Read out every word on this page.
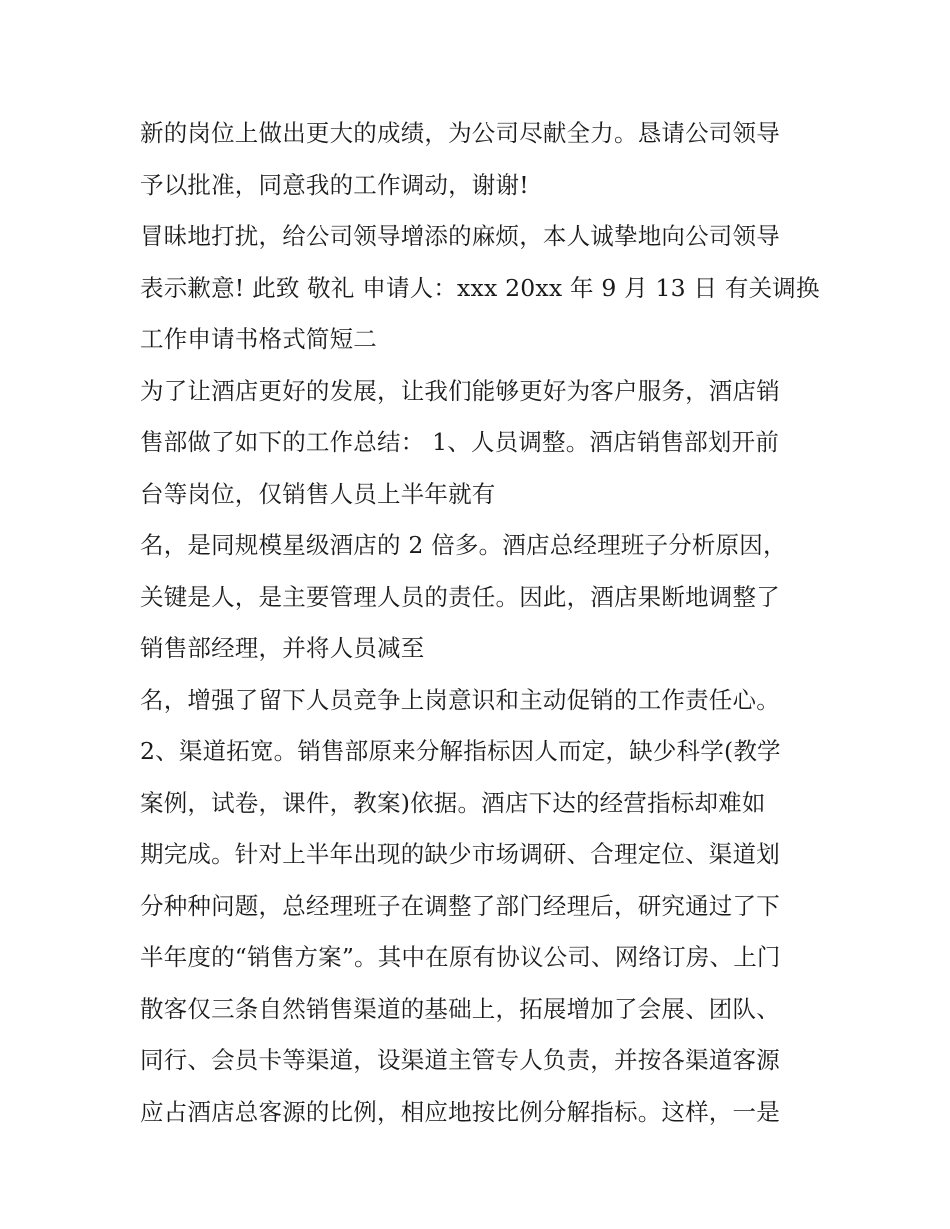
新的岗位上做出更大的成绩，为公司尽献全力。恳请公司领导
予以批准，同意我的工作调动，谢谢!
冒昧地打扰，给公司领导增添的麻烦，本人诚挚地向公司领导
表示歉意! 此致 敬礼 申请人：xxx 20xx 年 9 月 13 日 有关调换
工作申请书格式简短二
为了让酒店更好的发展，让我们能够更好为客户服务，酒店销
售部做了如下的工作总结： 1、人员调整。酒店销售部划开前
台等岗位，仅销售人员上半年就有
名，是同规模星级酒店的 2 倍多。酒店总经理班子分析原因，
关键是人，是主要管理人员的责任。因此，酒店果断地调整了
销售部经理，并将人员减至
名，增强了留下人员竞争上岗意识和主动促销的工作责任心。
2、渠道拓宽。销售部原来分解指标因人而定，缺少科学(教学
案例，试卷，课件，教案)依据。酒店下达的经营指标却难如
期完成。针对上半年出现的缺少市场调研、合理定位、渠道划
分种种问题，总经理班子在调整了部门经理后，研究通过了下
半年度的“销售方案”。其中在原有协议公司、网络订房、上门
散客仅三条自然销售渠道的基础上，拓展增加了会展、团队、
同行、会员卡等渠道，设渠道主管专人负责，并按各渠道客源
应占酒店总客源的比例，相应地按比例分解指标。这样，一是
